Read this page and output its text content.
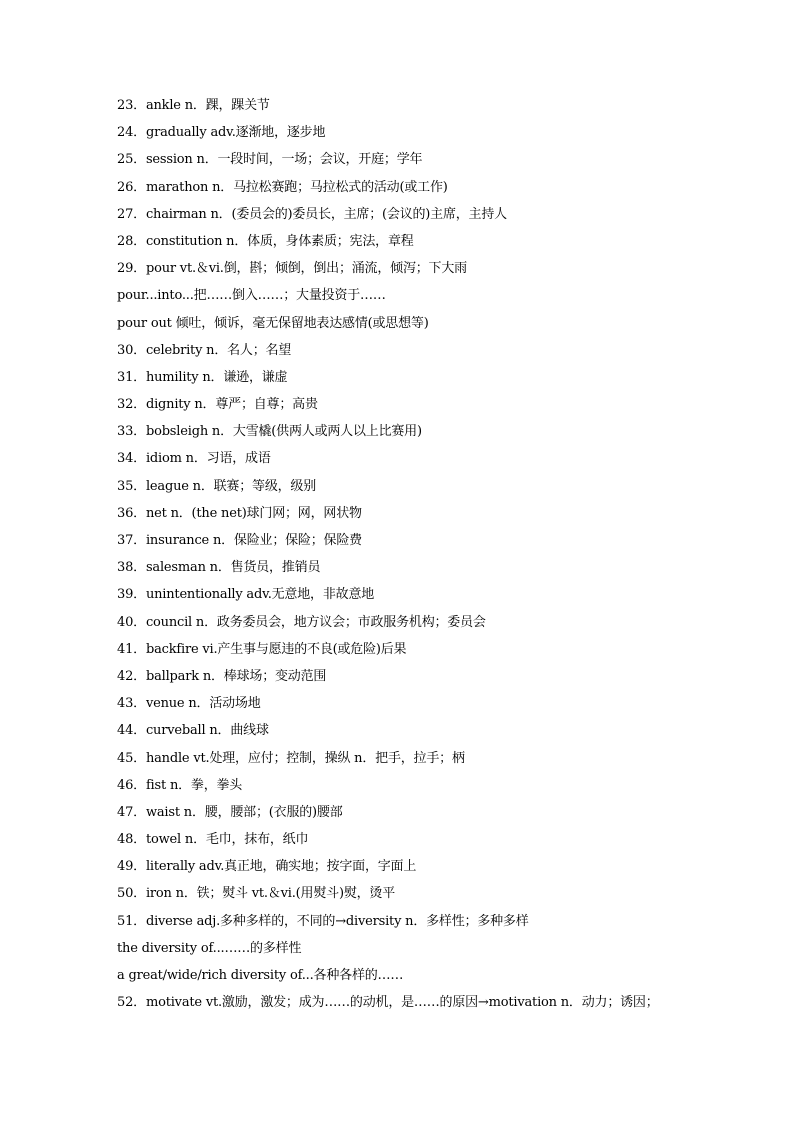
23．ankle n．踝，踝关节
24．gradually adv.逐渐地，逐步地
25．session n．一段时间，一场；会议，开庭；学年
26．marathon n．马拉松赛跑；马拉松式的活动(或工作)
27．chairman n．(委员会的)委员长，主席；(会议的)主席，主持人
28．constitution n．体质，身体素质；宪法，章程
29．pour vt.＆vi.倒，斟；倾倒，倒出；涌流，倾泻；下大雨
pour...into...把……倒入……；大量投资于……
pour out 倾吐，倾诉，毫无保留地表达感情(或思想等)
30．celebrity n．名人；名望
31．humility n．谦逊，谦虚
32．dignity n．尊严；自尊；高贵
33．bobsleigh n．大雪橇(供两人或两人以上比赛用)
34．idiom n．习语，成语
35．league n．联赛；等级，级别
36．net n．(the net)球门网；网，网状物
37．insurance n．保险业；保险；保险费
38．salesman n．售货员，推销员
39．unintentionally adv.无意地，非故意地
40．council n．政务委员会，地方议会；市政服务机构；委员会
41．backfire vi.产生事与愿违的不良(或危险)后果
42．ballpark n．棒球场；变动范围
43．venue n．活动场地
44．curveball n．曲线球
45．handle vt.处理，应付；控制，操纵 n．把手，拉手；柄
46．fist n．拳，拳头
47．waist n．腰，腰部；(衣服的)腰部
48．towel n．毛巾，抹布，纸巾
49．literally adv.真正地，确实地；按字面，字面上
50．iron n．铁；熨斗 vt.＆vi.(用熨斗)熨，烫平
51．diverse adj.多种多样的，不同的→diversity n．多样性；多种多样
the diversity of...……的多样性
a great/wide/rich diversity of...各种各样的……
52．motivate vt.激励，激发；成为……的动机，是……的原因→motivation n．动力；诱因；
